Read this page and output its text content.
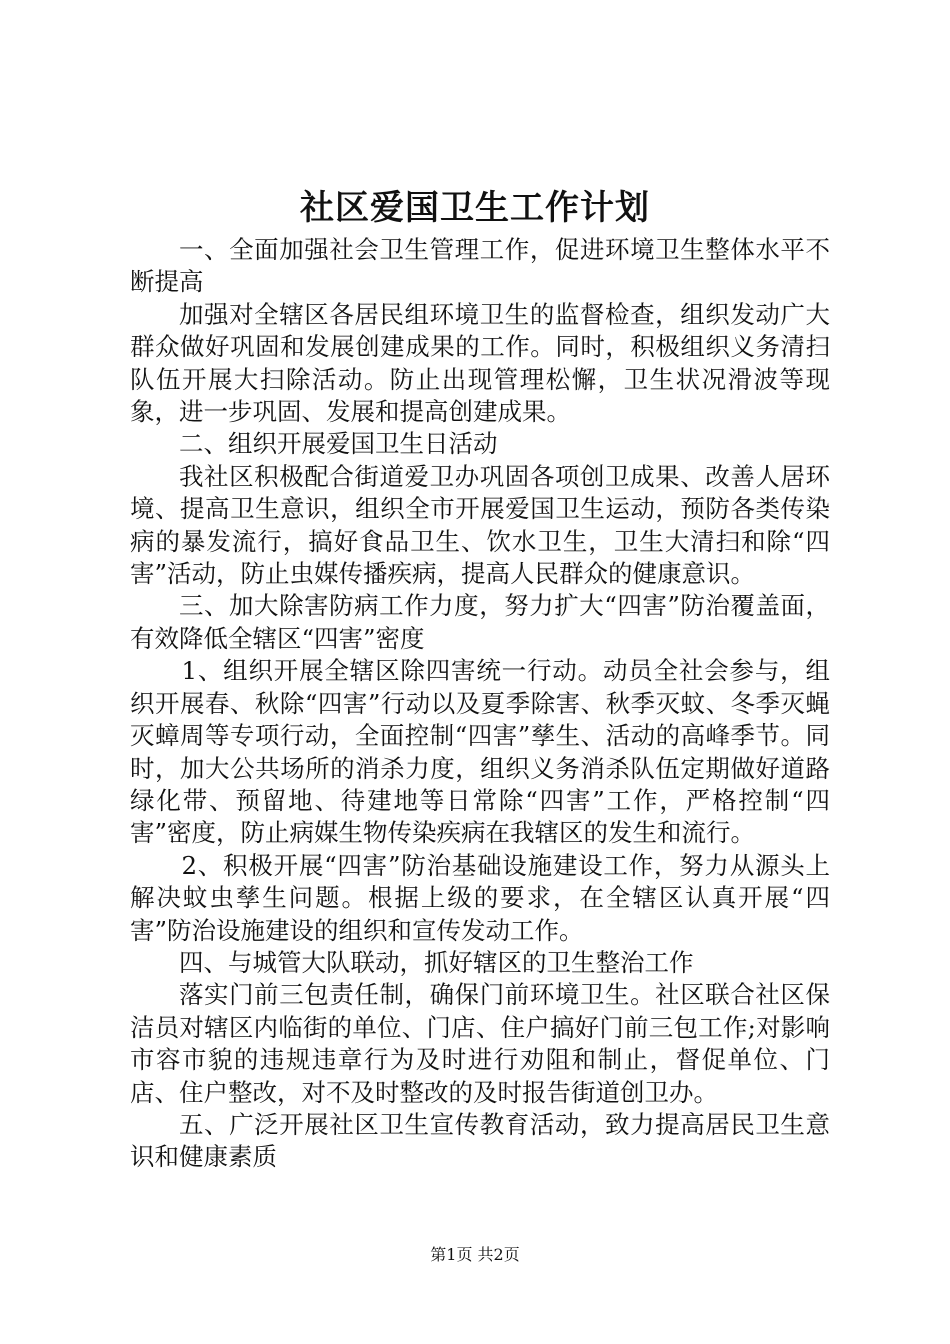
社区爱国卫生工作计划

一、全面加强社会卫生管理工作，促进环境卫生整体水平不断提高

加强对全辖区各居民组环境卫生的监督检查，组织发动广大群众做好巩固和发展创建成果的工作。同时，积极组织义务清扫队伍开展大扫除活动。防止出现管理松懈，卫生状况滑波等现象，进一步巩固、发展和提高创建成果。

二、组织开展爱国卫生日活动

我社区积极配合街道爱卫办巩固各项创卫成果、改善人居环境、提高卫生意识，组织全市开展爱国卫生运动，预防各类传染病的暴发流行，搞好食品卫生、饮水卫生，卫生大清扫和除“四害”活动，防止虫媒传播疾病，提高人民群众的健康意识。

三、加大除害防病工作力度，努力扩大“四害”防治覆盖面，有效降低全辖区“四害”密度

1、组织开展全辖区除四害统一行动。动员全社会参与，组织开展春、秋除“四害”行动以及夏季除害、秋季灭蚊、冬季灭蝇灭蟑周等专项行动，全面控制“四害”孳生、活动的高峰季节。同时，加大公共场所的消杀力度，组织义务消杀队伍定期做好道路绿化带、预留地、待建地等日常除“四害”工作，严格控制“四害”密度，防止病媒生物传染疾病在我辖区的发生和流行。

2、积极开展“四害”防治基础设施建设工作，努力从源头上解决蚊虫孳生问题。根据上级的要求，在全辖区认真开展“四害”防治设施建设的组织和宣传发动工作。

四、与城管大队联动，抓好辖区的卫生整治工作

落实门前三包责任制，确保门前环境卫生。社区联合社区保洁员对辖区内临街的单位、门店、住户搞好门前三包工作;对影响市容市貌的违规违章行为及时进行劝阻和制止，督促单位、门店、住户整改，对不及时整改的及时报告街道创卫办。

五、广泛开展社区卫生宣传教育活动，致力提高居民卫生意识和健康素质

第1页 共2页
